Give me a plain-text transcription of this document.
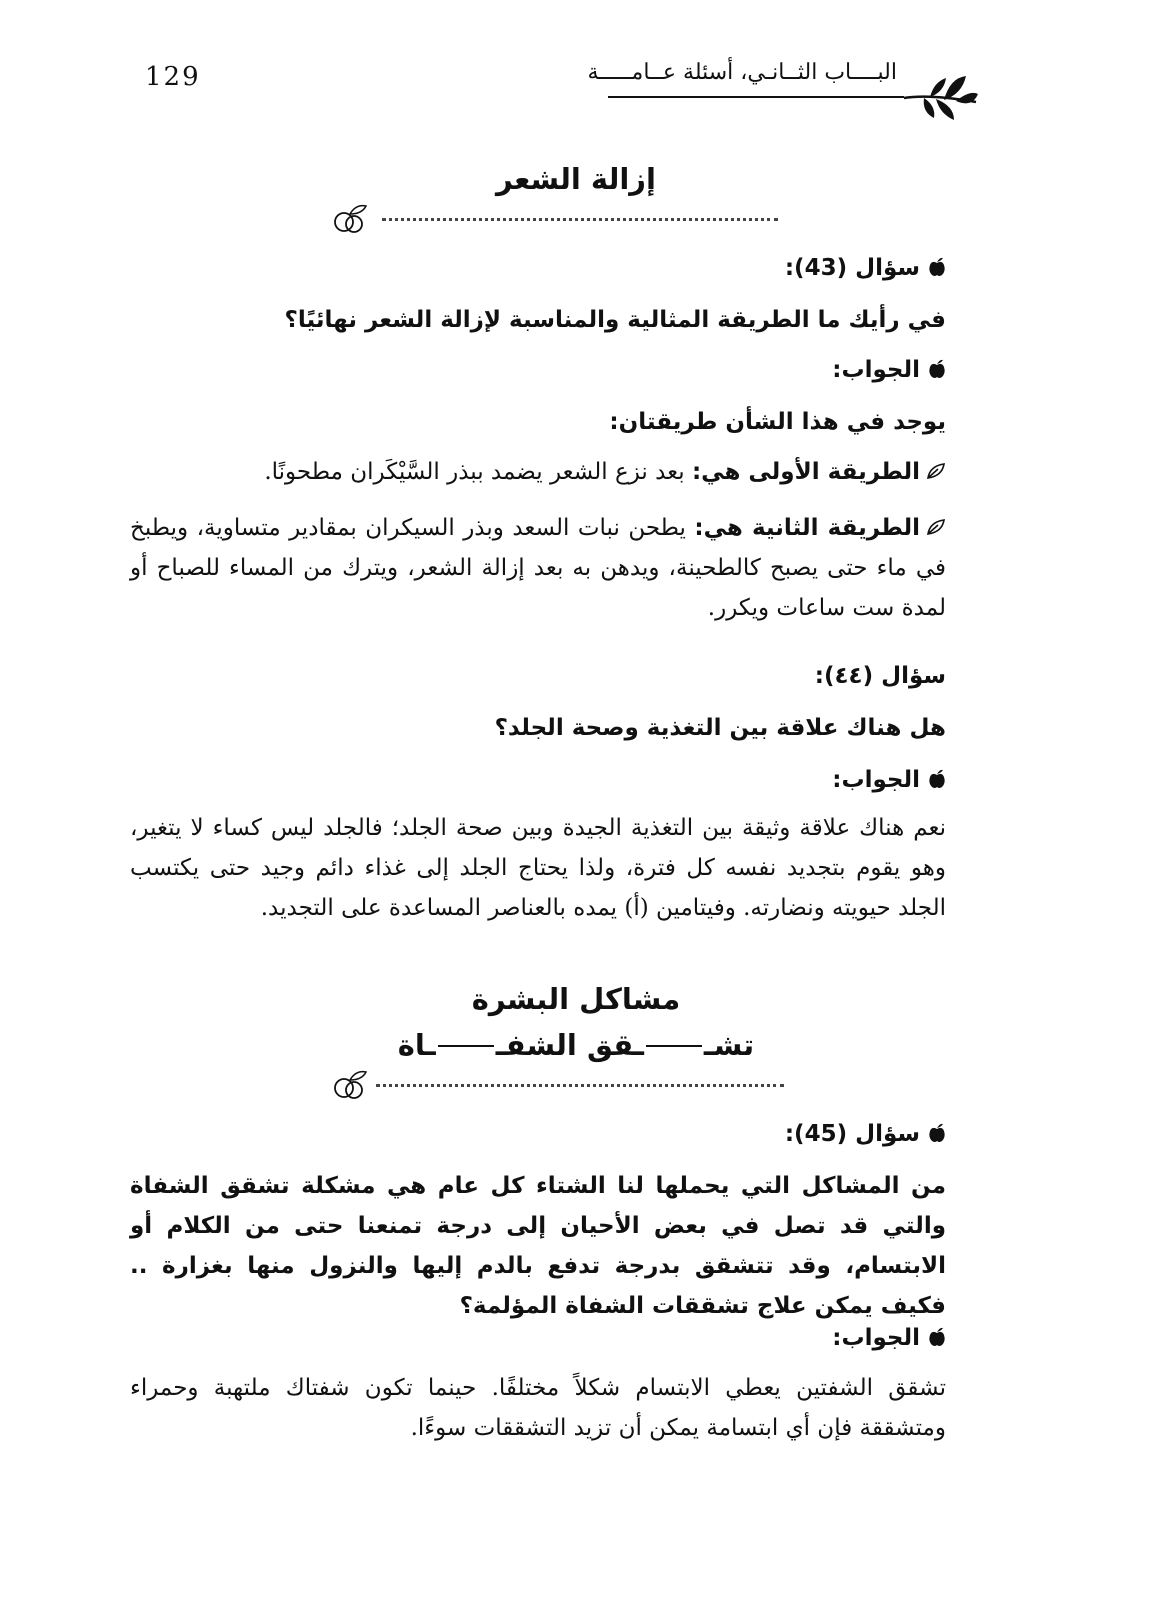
129	البــــاب الثــانـي، أسئلة عــامـــــة
إزالة الشعر
سؤال (43):
في رأيك ما الطريقة المثالية والمناسبة لإزالة الشعر نهائيًا؟
الجواب:
يوجد في هذا الشأن طريقتان:
الطريقة الأولى هي: بعد نزع الشعر يضمد ببذر السَّيْكَران مطحونًا.
الطريقة الثانية هي: يطحن نبات السعد وبذر السيكران بمقادير متساوية، ويطبخ في ماء حتى يصبح كالطحينة، ويدهن به بعد إزالة الشعر، ويترك من المساء للصباح أو لمدة ست ساعات ويكرر.
سؤال (٤٤):
هل هناك علاقة بين التغذية وصحة الجلد؟
الجواب:
نعم هناك علاقة وثيقة بين التغذية الجيدة وبين صحة الجلد؛ فالجلد ليس كساء لا يتغير، وهو يقوم بتجديد نفسه كل فترة، ولذا يحتاج الجلد إلى غذاء دائم وجيد حتى يكتسب الجلد حيويته ونضارته. وفيتامين (أ) يمده بالعناصر المساعدة على التجديد.
مشاكل البشرة
تشــقق الشفــاة
سؤال (45):
من المشاكل التي يحملها لنا الشتاء كل عام هي مشكلة تشقق الشفاة والتي قد تصل في بعض الأحيان إلى درجة تمنعنا حتى من الكلام أو الابتسام، وقد تتشقق بدرجة تدفع بالدم إليها والنزول منها بغزارة .. فكيف يمكن علاج تشققات الشفاة المؤلمة؟
الجواب:
تشقق الشفتين يعطي الابتسام شكلاً مختلفًا. حينما تكون شفتاك ملتهبة وحمراء ومتشققة فإن أي ابتسامة يمكن أن تزيد التشققات سوءًا.
